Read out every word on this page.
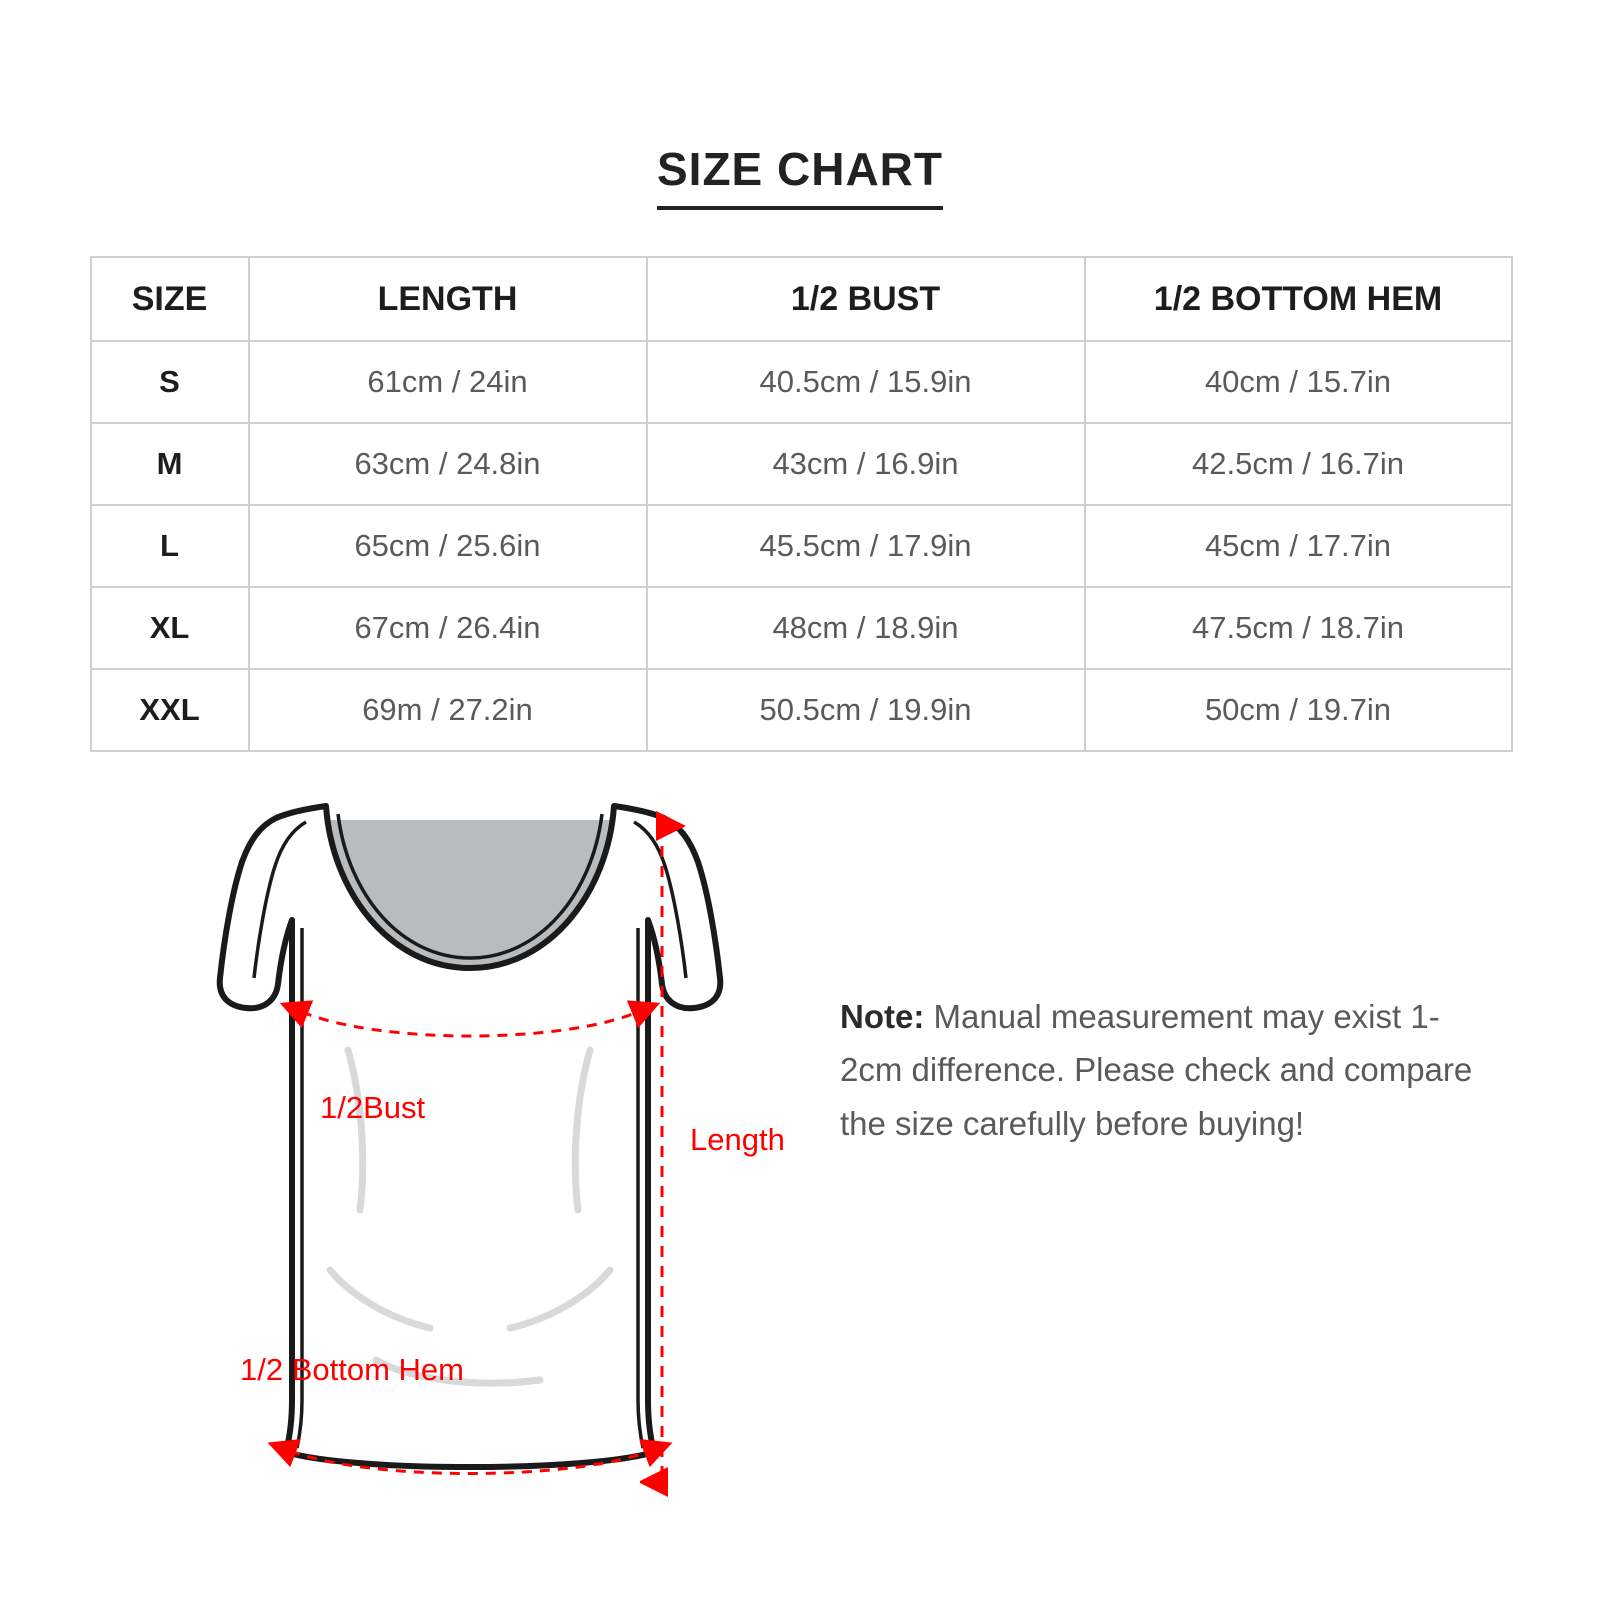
SIZE CHART
SIZE	LENGTH	1/2 BUST	1/2 BOTTOM HEM
S	61cm / 24in	40.5cm / 15.9in	40cm / 15.7in
M	63cm / 24.8in	43cm / 16.9in	42.5cm / 16.7in
L	65cm / 25.6in	45.5cm / 17.9in	45cm / 17.7in
XL	67cm / 26.4in	48cm / 18.9in	47.5cm / 18.7in
XXL	69m / 27.2in	50.5cm / 19.9in	50cm / 19.7in
1/2Bust
1/2 Bottom Hem
Length
Note: Manual measurement may exist 1-2cm difference. Please check and compare the size carefully before buying!
